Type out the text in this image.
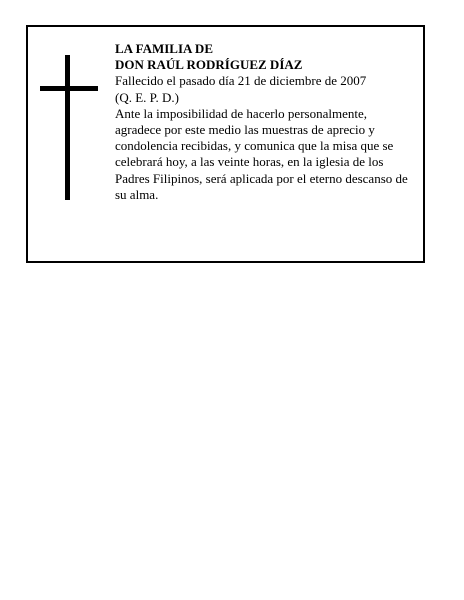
LA FAMILIA DE

DON RAÚL RODRÍGUEZ DÍAZ

Fallecido el pasado día 21 de diciembre de 2007

(Q. E. P. D.)

Ante la imposibilidad de hacerlo personalmente, agradece por este medio las muestras de aprecio y condolencia recibidas, y comunica que la misa que se celebrará hoy, a las veinte horas, en la iglesia de los Padres Filipinos, será aplicada por el eterno descanso de su alma.
